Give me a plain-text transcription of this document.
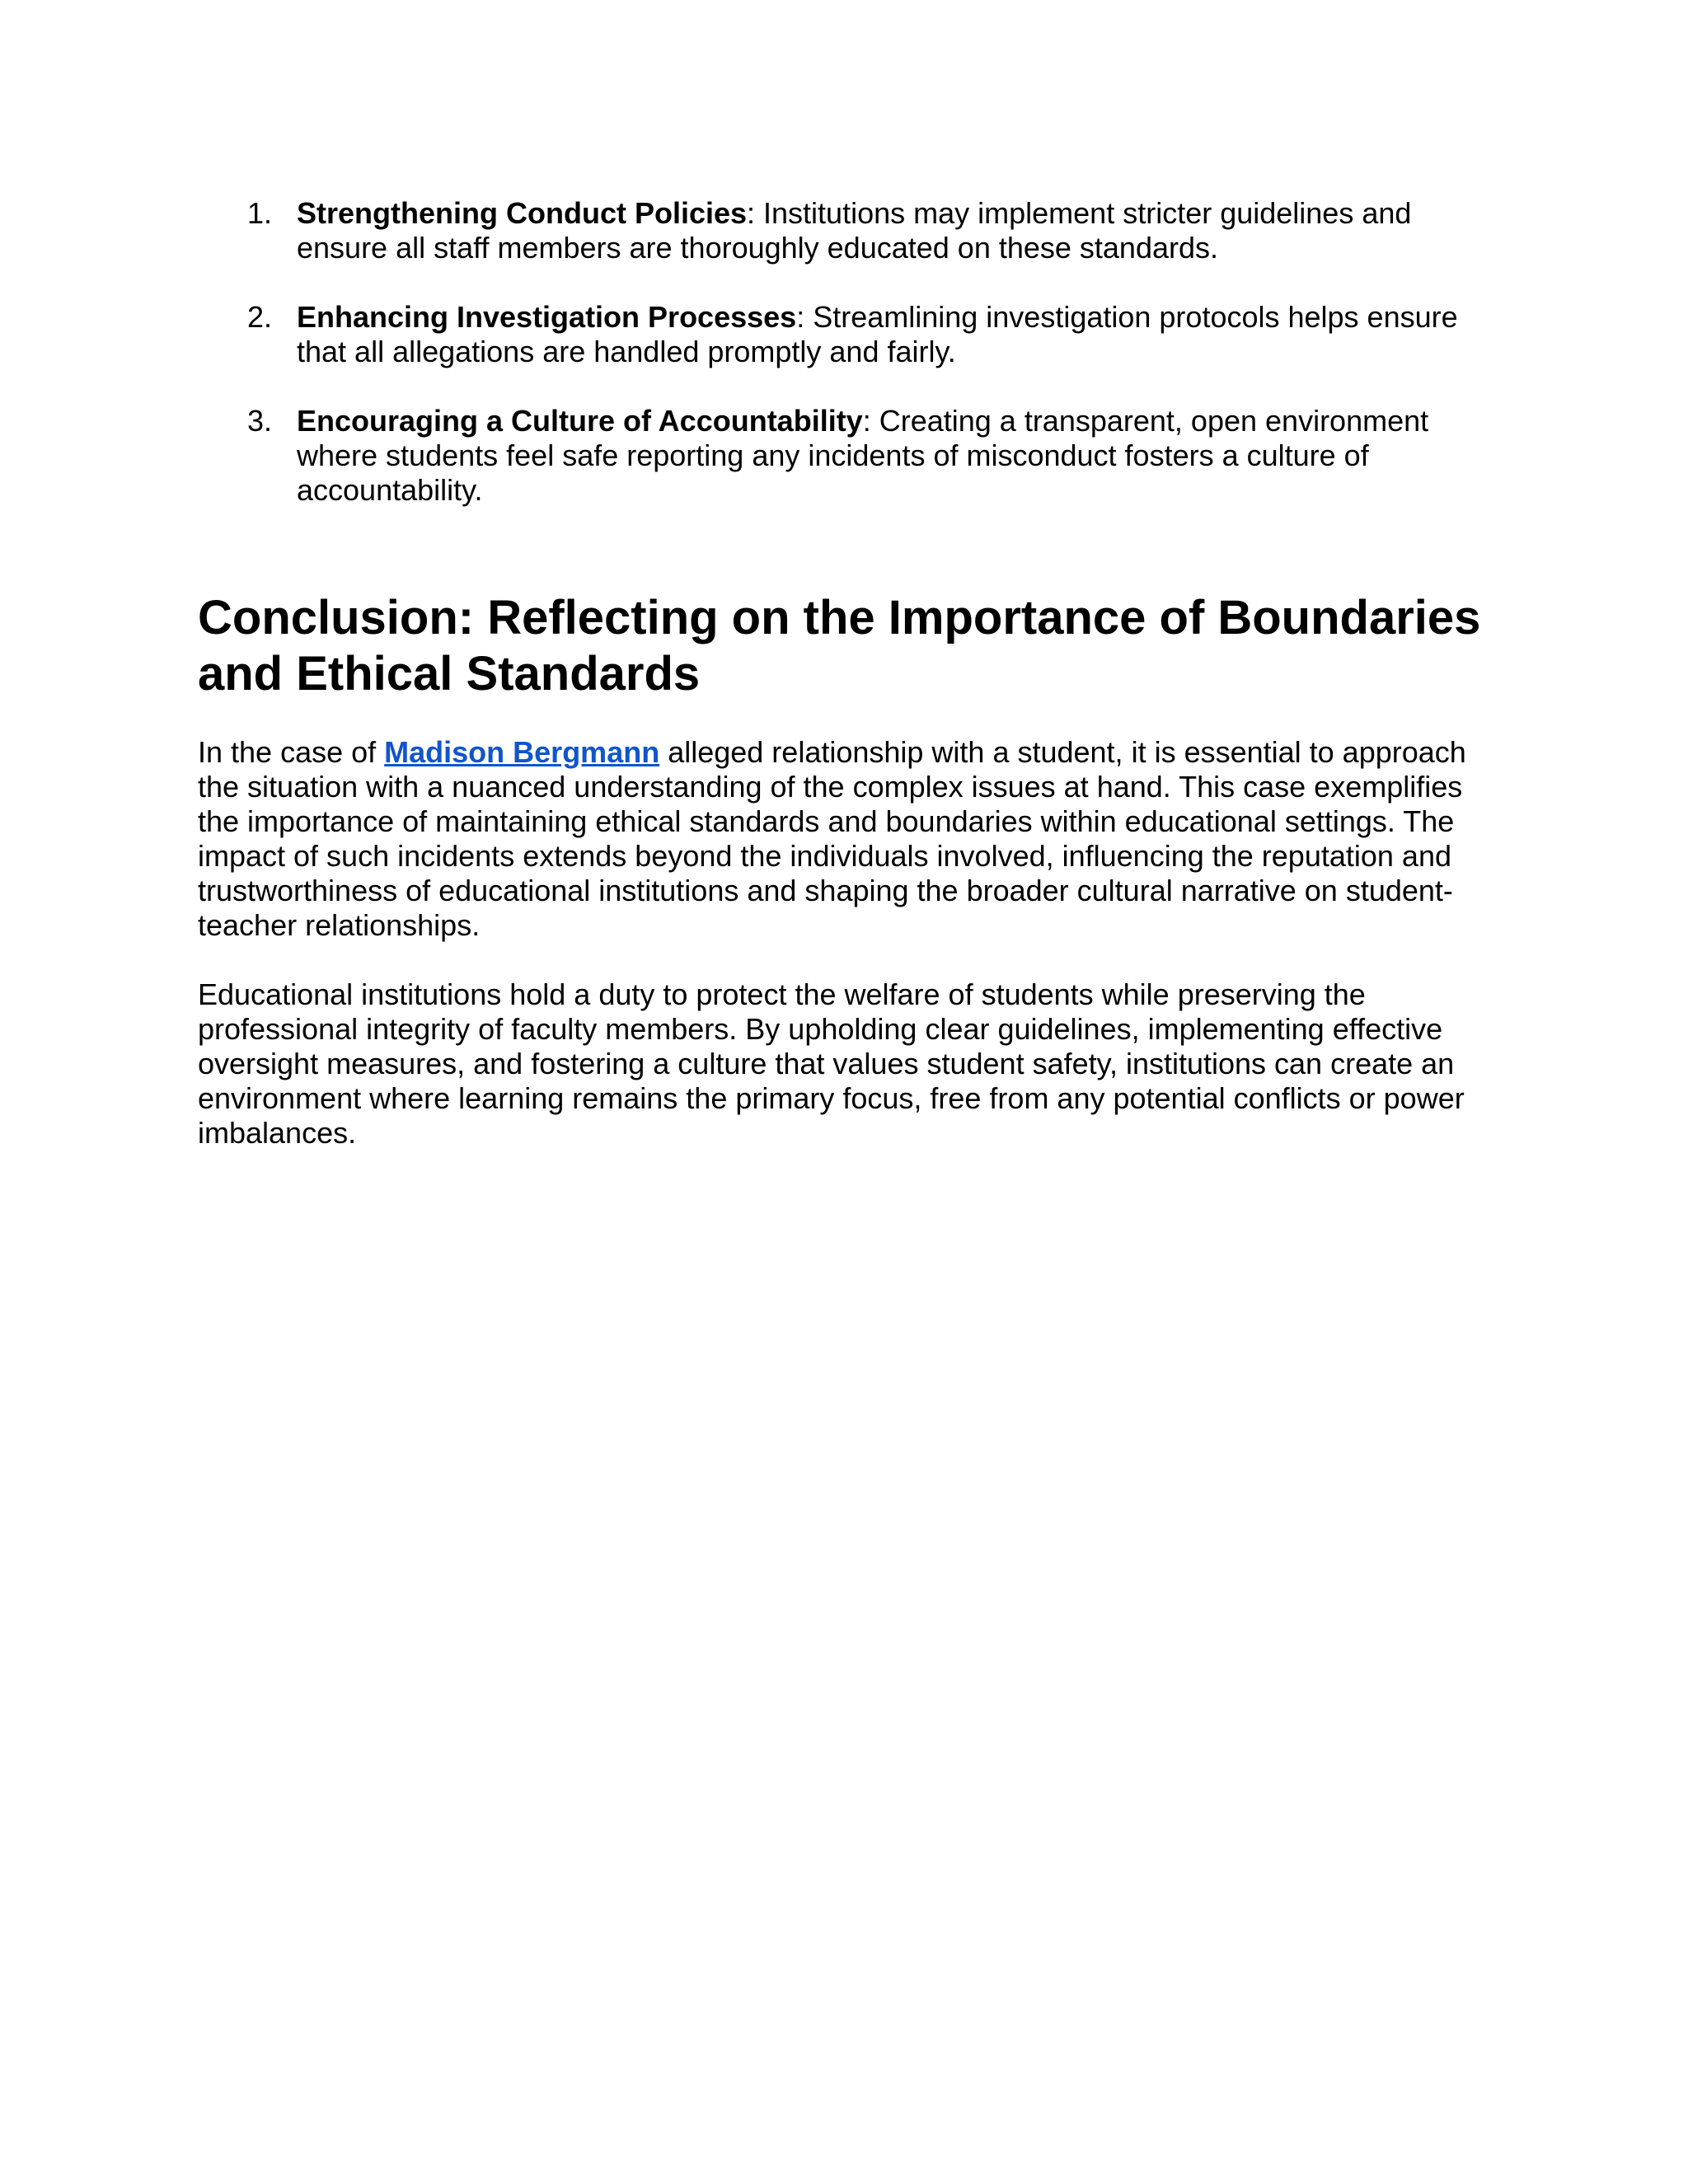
1. Strengthening Conduct Policies: Institutions may implement stricter guidelines and ensure all staff members are thoroughly educated on these standards.
2. Enhancing Investigation Processes: Streamlining investigation protocols helps ensure that all allegations are handled promptly and fairly.
3. Encouraging a Culture of Accountability: Creating a transparent, open environment where students feel safe reporting any incidents of misconduct fosters a culture of accountability.
Conclusion: Reflecting on the Importance of Boundaries and Ethical Standards

In the case of Madison Bergmann alleged relationship with a student, it is essential to approach the situation with a nuanced understanding of the complex issues at hand. This case exemplifies the importance of maintaining ethical standards and boundaries within educational settings. The impact of such incidents extends beyond the individuals involved, influencing the reputation and trustworthiness of educational institutions and shaping the broader cultural narrative on student-teacher relationships.

Educational institutions hold a duty to protect the welfare of students while preserving the professional integrity of faculty members. By upholding clear guidelines, implementing effective oversight measures, and fostering a culture that values student safety, institutions can create an environment where learning remains the primary focus, free from any potential conflicts or power imbalances.
